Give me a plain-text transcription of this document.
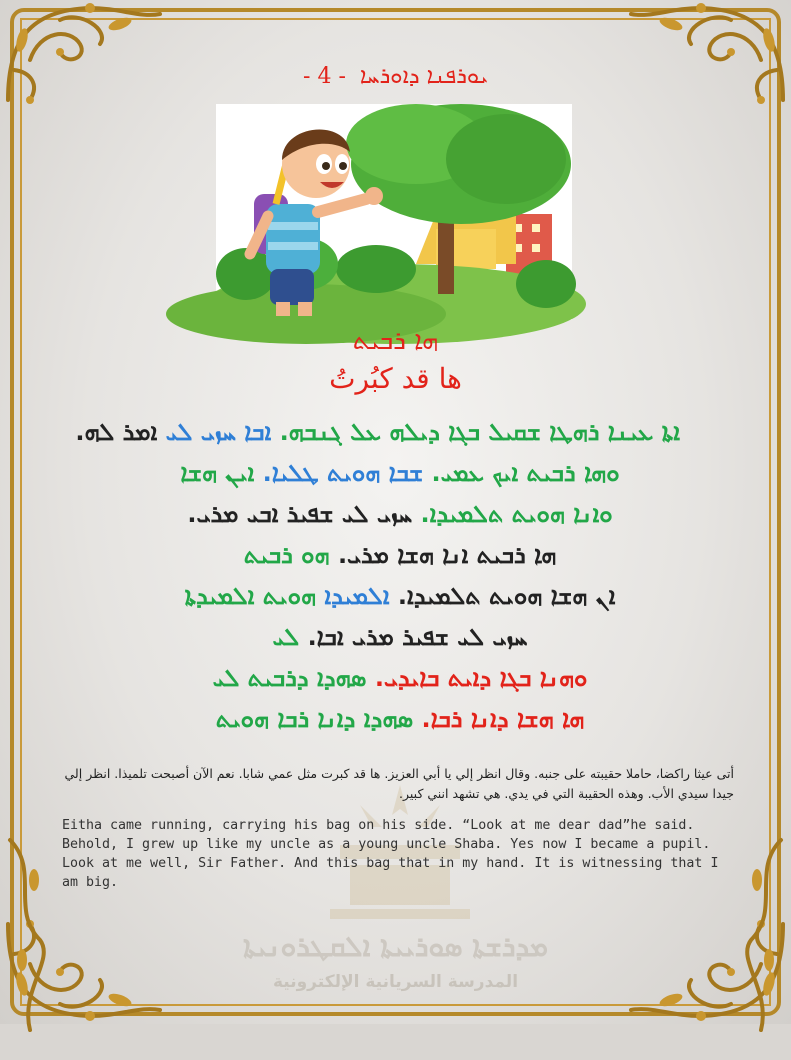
ܝܘܪܦܢܐ ܕܐܘܪܚܐ  - 4 -
ܗܐ ܪܒܝܬ
ها قد كبُرتُ
ܐܬܐ ܥܝܢܐ ܪܗܛܐ ܫܩܝܠ ܒܓܐ ܕܝܠܗ ܥܠ ܓܢܒܗ. ܐܒܐ ܚܙܝ ܠܝ ܐܡܪ ܠܗ.
ܘܗܐ ܪܒܝܬ ܐܝܟ ܥܡܝ. ܫܒܐ ܗܘܝܬ ܛܠܝܐ. ܐܝܢ ܗܫܐ
ܘܐܢܐ ܗܘܝܬ ܬܠܡܝܕܐ. ܚܙܝ ܠܝ ܫܦܝܪ ܐܒܝ ܡܪܝ.
ܗܐ ܪܒܝܬ ܐܢܐ ܗܫܐ ܡܪܝ. ܗܘ ܪܒܝܬ
ܐܢ ܗܫܐ ܗܘܝܬ ܬܠܡܝܕܐ. ܐܠܡܝܕܐ ܗܘܝܬ ܐܠܡܝܕܬܐ
ܚܙܝ ܠܝ ܫܦܝܪ ܡܪܝ ܐܒܐ. ܠܝ
ܘܗܢܐ ܒܓܐ ܕܐܝܬ ܒܐܝܕܝ. ܣܗܕܐ ܕܪܒܝܬ ܠܝ
ܗܐ ܗܫܐ ܕܐܢܐ ܪܒܐ. ܣܗܕܐ ܕܐܢܐ ܪܒܐ ܗܘܝܬ
أتى عيثا راكضا، حاملا حقيبته على جنبه. وقال انظر إلي يا أبي العزيز. ها قد كبرت مثل عمي شابا. نعم الآن أصبحت تلميذا. انظر إلي جيدا سيدي الأب. وهذه الحقيبة التي في يدي. هي تشهد انني كبير.
Eitha came running, carrying his bag on his side. “Look at me dear dad”he said. Behold, I grew up like my uncle as a young uncle Shaba. Yes now I became a pupil. Look at me well, Sir Father. And this bag that in my hand. It is witnessing that I am big.
ܡܕܪܫܬܐ ܣܘܪܝܝܬܐ ܐܠܩܛܪܘܢܝܬܐ
المدرسة السريانية الإلكترونية
